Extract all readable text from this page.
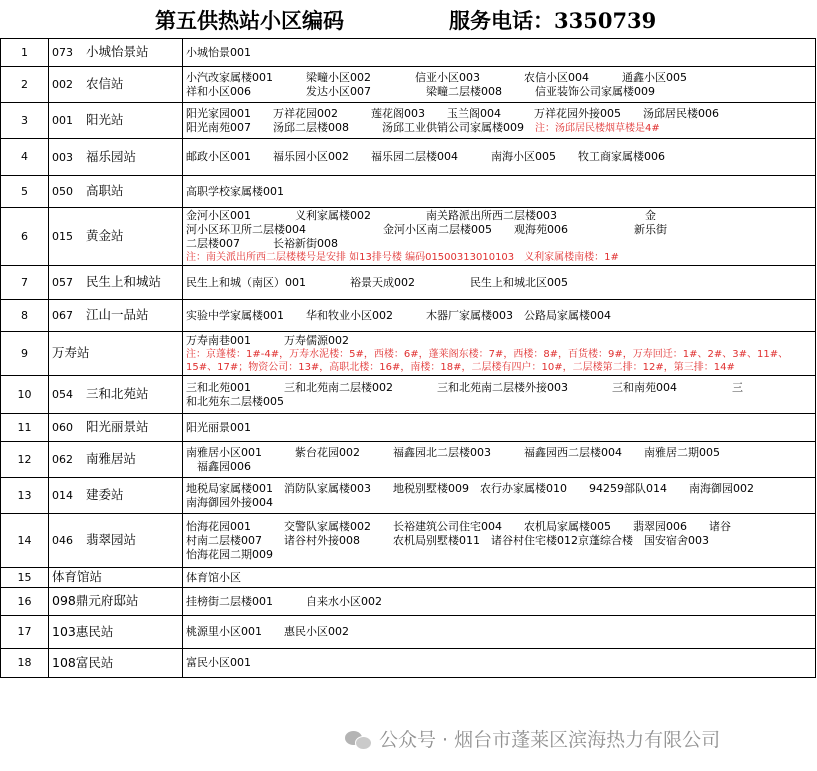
第五供热站小区编码	服务电话：3350739
1	073 小城怡景站	小城怡景001

2	002 农信站	小汽改家属楼001　　　梁疃小区002　　　　信亚小区003　　　　农信小区004　　　通鑫小区005
祥和小区006　　　　　发达小区007　　　　　梁疃二层楼008　　　信亚装饰公司家属楼009

3	001 阳光站	阳光家园001　　万祥花园002　　　莲花阁003　　玉兰阁004　　　万祥花园外接005　　汤邱居民楼006
阳光南苑007　　汤邱二层楼008　　　汤邱工业供销公司家属楼009　注：汤邱居民楼烟草楼是4#

4	003 福乐园站	邮政小区001　　福乐园小区002　　福乐园二层楼004　　　南海小区005　　牧工商家属楼006

5	050 高职站	高职学校家属楼001

6	015 黄金站	金河小区001　　　　义利家属楼002　　　　　南关路派出所西二层楼003　　　　　　　　金
河小区环卫所二层楼004　　　　　　　金河小区南二层楼005　　观海苑006　　　　　　新乐街
二层楼007　　　长裕新街008
注：南关派出所西二层楼楼号是安排 如13排号楼 编码01500313010103　义利家属楼南楼：1#

7	057 民生上和城站	民生上和城（南区）001　　　　裕景天成002　　　　　民生上和城北区005

8	067 江山一品站	实验中学家属楼001　　华和牧业小区002　　　木器厂家属楼003　公路局家属楼004

9	万寿站	万寿南巷001　　　万寿儒源002
注：京蓬楼：1#-4#，万寿水泥楼：5#，西楼：6#，蓬莱阁东楼：7#，西楼：8#，百货楼：9#，万寿回迁：1#、2#、3#、11#、15#、17#；物资公司：13#，高职北楼：16#，南楼：18#，二层楼有四户：10#，二层楼第二排：12#，第三排：14#

10	054 三和北苑站	三和北苑001　　　三和北苑南二层楼002　　　　三和北苑南二层楼外接003　　　　三和南苑004　　　　　三
和北苑东二层楼005

11	060 阳光丽景站	阳光丽景001

12	062 南雅居站	南雅居小区001　　　紫台花园002　　　福鑫园北二层楼003　　　福鑫园西二层楼004　　南雅居二期005
　福鑫园006

13	014 建委站	地税局家属楼001　消防队家属楼003　　地税别墅楼009　农行办家属楼010　　94259部队014　　南海御园002
南海御园外接004

14	046 翡翠园站	怡海花园001　　　交警队家属楼002　　长裕建筑公司住宅004　　农机局家属楼005　　翡翠园006　　诸谷
村南二层楼007　　诸谷村外接008　　　农机局别墅楼011　诸谷村住宅楼012京蓬综合楼　国安宿舍003
怡海花园二期009

15	体育馆站	体育馆小区

16	098鼎元府邸站	挂榜街二层楼001　　　自来水小区002

17	103惠民站	桃源里小区001　　惠民小区002

18	108富民站	富民小区001
公众号 · 烟台市蓬莱区滨海热力有限公司
